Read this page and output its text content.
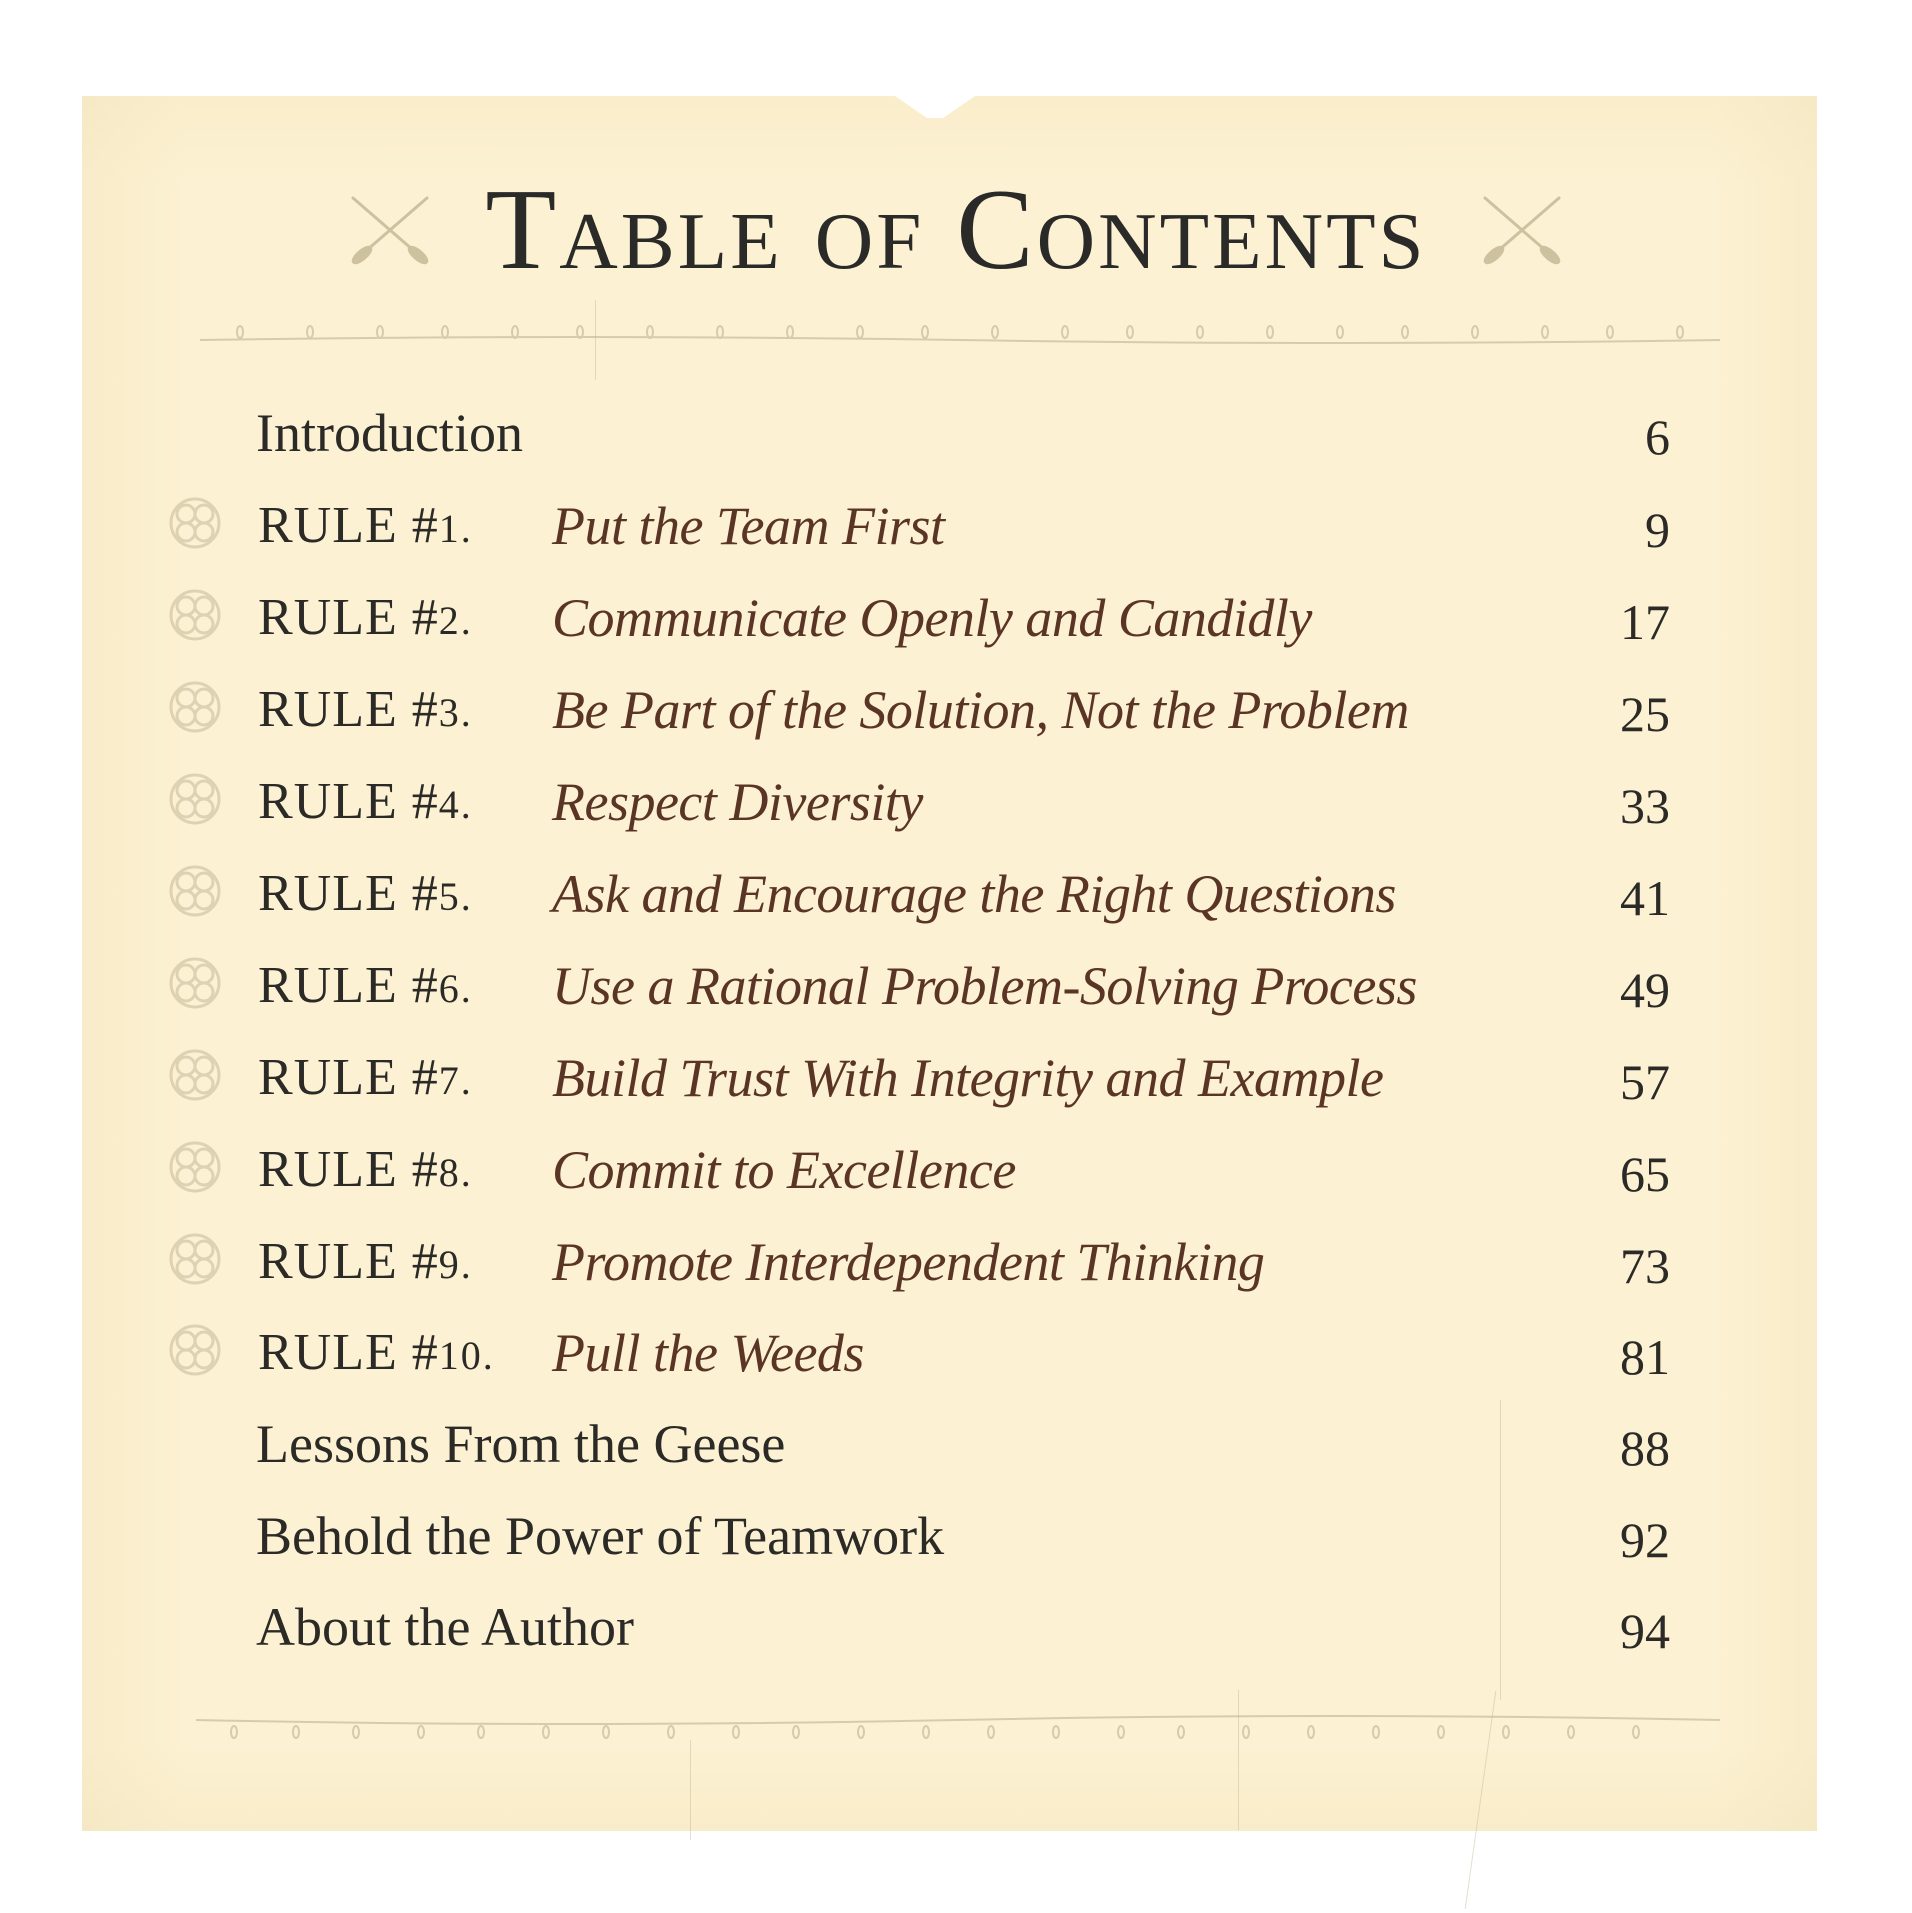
Table of Contents
Introduction	6
RULE #1. Put the Team First	9
RULE #2. Communicate Openly and Candidly	17
RULE #3. Be Part of the Solution, Not the Problem	25
RULE #4. Respect Diversity	33
RULE #5. Ask and Encourage the Right Questions	41
RULE #6. Use a Rational Problem-Solving Process	49
RULE #7. Build Trust With Integrity and Example	57
RULE #8. Commit to Excellence	65
RULE #9. Promote Interdependent Thinking	73
RULE #10. Pull the Weeds	81
Lessons From the Geese	88
Behold the Power of Teamwork	92
About the Author	94
